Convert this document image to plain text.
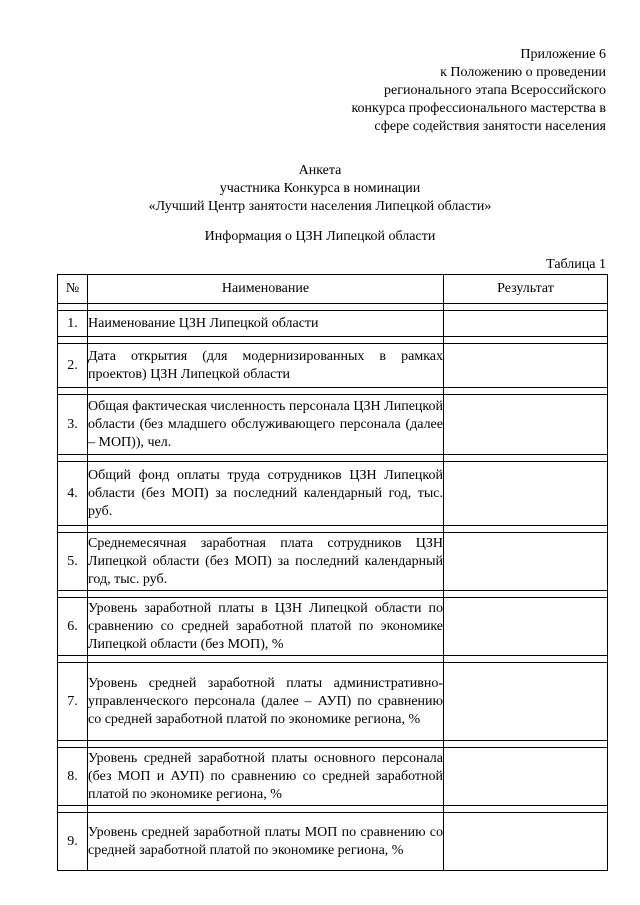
Приложение 6
к Положению о проведении
регионального этапа Всероссийского
конкурса профессионального мастерства в
сфере содействия занятости населения
Анкета
участника Конкурса в номинации
«Лучший Центр занятости населения Липецкой области»
Информация о ЦЗН Липецкой области
Таблица 1
№	Наименование	Результат

1.	Наименование ЦЗН Липецкой области	

2.	Дата открытия (для модернизированных в рамках проектов) ЦЗН Липецкой области	

3.	Общая фактическая численность персонала ЦЗН Липецкой области (без младшего обслуживающего персонала (далее – МОП)), чел.	

4.	Общий фонд оплаты труда сотрудников ЦЗН Липецкой области (без МОП) за последний календарный год, тыс. руб.	

5.	Среднемесячная заработная плата сотрудников ЦЗН Липецкой области (без МОП) за последний календарный год, тыс. руб.	

6.	Уровень заработной платы в ЦЗН Липецкой области по сравнению со средней заработной платой по экономике Липецкой области (без МОП), %	

7.	Уровень средней заработной платы административно-управленческого персонала (далее – АУП) по сравнению со средней заработной платой по экономике региона, %	

8.	Уровень средней заработной платы основного персонала (без МОП и АУП) по сравнению со средней заработной платой по экономике региона, %	

9.	Уровень средней заработной платы МОП по сравнению со средней заработной платой по экономике региона, %	
